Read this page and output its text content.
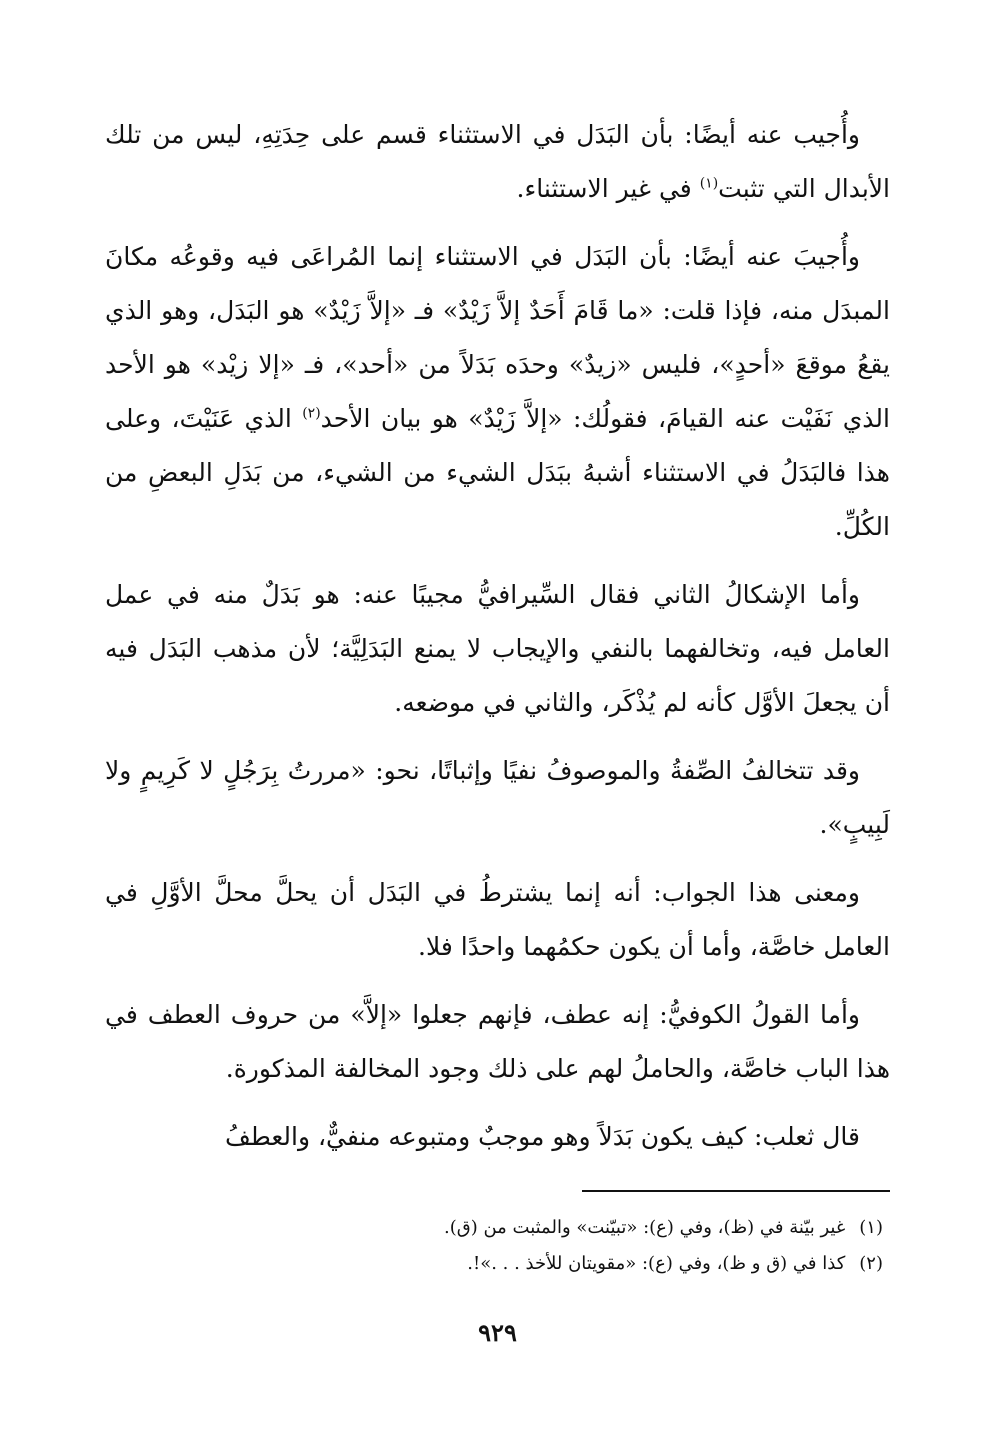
وأُجيب عنه أيضًا: بأن البَدَل في الاستثناء قسم على حِدَتِهِ، ليس من تلك الأبدال التي تثبت$^{(١)}$ في غير الاستثناء.

وأُجيبَ عنه أيضًا: بأن البَدَل في الاستثناء إنما المُراعَى فيه وقوعُه مكانَ المبدَل منه، فإذا قلت: «ما قَامَ أَحَدٌ إلاَّ زَيْدٌ» فـ «إلاَّ زَيْدٌ» هو البَدَل، وهو الذي يقعُ موقعَ «أحدٍ»، فليس «زيدٌ» وحدَه بَدَلاً من «أحد»، فـ «إلا زيْد» هو الأحد الذي نَفَيْت عنه القيامَ، فقولُك: «إلاَّ زَيْدٌ» هو بيان الأحد$^{(٢)}$ الذي عَنَيْتَ، وعلى هذا فالبَدَلُ في الاستثناء أشبهُ ببَدَل الشيء من الشيء، من بَدَلِ البعضِ من الكُلِّ.

وأما الإشكالُ الثاني فقال السِّيرافيُّ مجيبًا عنه: هو بَدَلٌ منه في عمل العامل فيه، وتخالفهما بالنفي والإيجاب لا يمنع البَدَلِيَّة؛ لأن مذهب البَدَل فيه أن يجعلَ الأوَّل كأنه لم يُذْكَر، والثاني في موضعه.

وقد تتخالفُ الصِّفةُ والموصوفُ نفيًا وإثباتًا، نحو: «مررتُ بِرَجُلٍ لا كَرِيمٍ ولا لَبِيبٍ».

ومعنى هذا الجواب: أنه إنما يشترطُ في البَدَل أن يحلَّ محلَّ الأوَّلِ في العامل خاصَّة، وأما أن يكون حكمُهما واحدًا فلا.

وأما القولُ الكوفيُّ: إنه عطف، فإنهم جعلوا «إلاَّ» من حروف العطف في هذا الباب خاصَّة، والحاملُ لهم على ذلك وجود المخالفة المذكورة.

قال ثعلب: كيف يكون بَدَلاً وهو موجبٌ ومتبوعه منفيٌّ، والعطفُ

(١)غير بيّنة في (ظ)، وفي (ع): «تبيّنت» والمثبت من (ق).
(٢)كذا في (ق و ظ)، وفي (ع): «مقويتان للأخذ . . .»!.
٩٢٩
